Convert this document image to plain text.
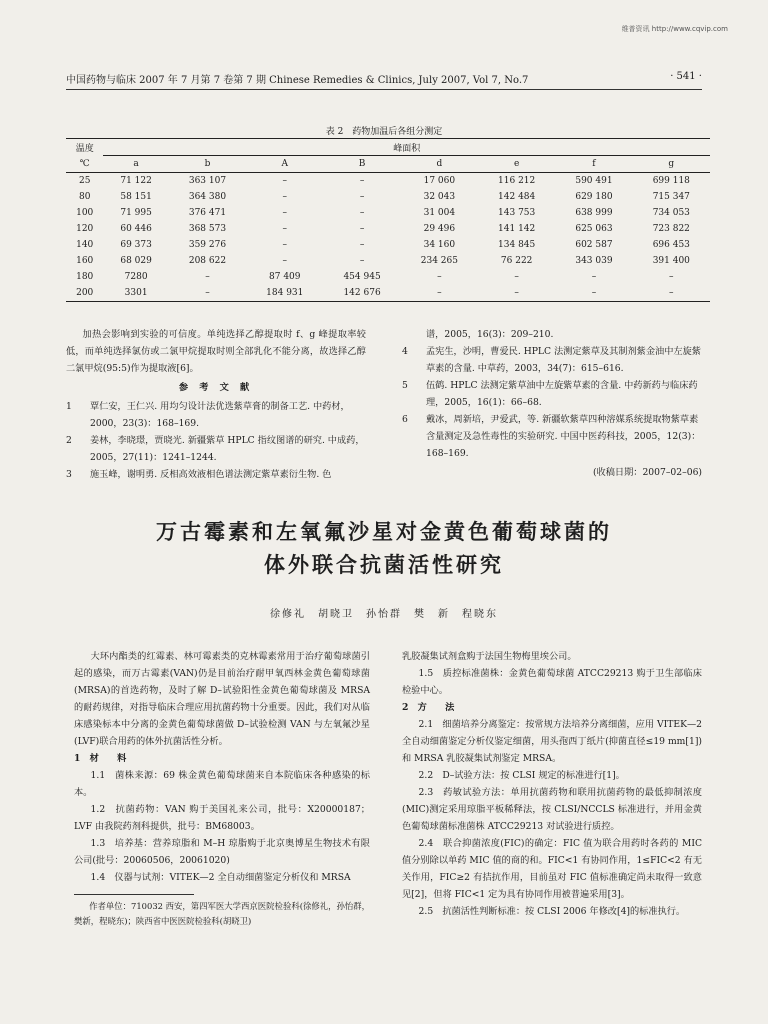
维普资讯 http://www.cqvip.com
中国药物与临床 2007 年 7 月第 7 卷第 7 期 Chinese Remedies & Clinics, July 2007, Vol 7, No.7	· 541 ·
表 2　药物加温后各组分测定
温度	峰面积							
℃	a	b	A	B	d	e	f	g
25	71 122	363 107	–	–	17 060	116 212	590 491	699 118
80	58 151	364 380	–	–	32 043	142 484	629 180	715 347
100	71 995	376 471	–	–	31 004	143 753	638 999	734 053
120	60 446	368 573	–	–	29 496	141 142	625 063	723 822
140	69 373	359 276	–	–	34 160	134 845	602 587	696 453
160	68 029	208 622	–	–	234 265	76 222	343 039	391 400
180	7280	–	87 409	454 945	–	–	–	–
200	3301	–	184 931	142 676	–	–	–	–

加热会影响到实验的可信度。单纯选择乙醇提取时 f、g 峰提取率较低，而单纯选择氯仿或二氯甲烷提取时则全部乳化不能分离，故选择乙醇二氯甲烷(95:5)作为提取液[6]。

参 考 文 献
1	覃仁安，王仁兴. 用均匀设计法优选紫草膏的制备工艺. 中药材，2000，23(3)：168–169.
2	姜林，李晓璟，贾晓光. 新疆紫草 HPLC 指纹图谱的研究. 中成药，2005，27(11)：1241–1244.
3	施玉峰，谢明勇. 反相高效液相色谱法测定紫草素衍生物. 色
谱，2005，16(3)：209–210.
4	孟宪生，沙明，曹爱民. HPLC 法测定紫草及其制剂紫金油中左旋紫草素的含量. 中草药，2003，34(7)：615–616.
5	伍鹤. HPLC 法测定紫草油中左旋紫草素的含量. 中药新药与临床药理，2005，16(1)：66–68.
6	戴冰，周新培，尹爱武，等. 新疆软紫草四种溶媒系统提取物紫草素含量测定及急性毒性的实验研究. 中国中医药科技，2005，12(3)：168–169.
(收稿日期：2007–02–06)
万古霉素和左氧氟沙星对金黄色葡萄球菌的
体外联合抗菌活性研究
徐修礼　胡晓卫　孙怡群　樊　新　程晓东

大环内酯类的红霉素、林可霉素类的克林霉素常用于治疗葡萄球菌引起的感染，而万古霉素(VAN)仍是目前治疗耐甲氧西林金黄色葡萄球菌(MRSA)的首选药物，及时了解 D–试验阳性金黄色葡萄球菌及 MRSA 的耐药规律，对指导临床合理应用抗菌药物十分重要。因此，我们对从临床感染标本中分离的金黄色葡萄球菌做 D–试验检测 VAN 与左氧氟沙星(LVF)联合用药的体外抗菌活性分析。

1　材　　料

1.1　菌株来源：69 株金黄色葡萄球菌来自本院临床各种感染的标本。

1.2　抗菌药物：VAN 购于美国礼来公司，批号：X20000187；LVF 由我院药剂科提供，批号：BM68003。

1.3　培养基：营养琼脂和 M–H 琼脂购于北京奥博星生物技术有限公司(批号：20060506，20061020)

1.4　仪器与试剂：VITEK—2 全自动细菌鉴定分析仪和 MRSA

作者单位：710032 西安，第四军医大学西京医院检验科(徐修礼，孙怡群，樊新，程晓东)；陕西省中医医院检验科(胡晓卫)

乳胶凝集试剂盒购于法国生物梅里埃公司。

1.5　质控标准菌株：金黄色葡萄球菌 ATCC29213 购于卫生部临床检验中心。

2　方　　法

2.1　细菌培养分离鉴定：按常规方法培养分离细菌，应用 VITEK—2 全自动细菌鉴定分析仪鉴定细菌，用头孢西丁纸片(抑菌直径≤19 mm[1])和 MRSA 乳胶凝集试剂鉴定 MRSA。

2.2　D–试验方法：按 CLSI 规定的标准进行[1]。

2.3　药敏试验方法：单用抗菌药物和联用抗菌药物的最低抑制浓度(MIC)测定采用琼脂平板稀释法，按 CLSI/NCCLS 标准进行，并用金黄色葡萄球菌标准菌株 ATCC29213 对试验进行质控。

2.4　联合抑菌浓度(FIC)的确定：FIC 值为联合用药时各药的 MIC 值分别除以单药 MIC 值的商的和。FIC<1 有协同作用，1≤FIC<2 有无关作用，FIC≥2 有拮抗作用，目前虽对 FIC 值标准确定尚未取得一致意见[2]，但将 FIC<1 定为具有协同作用被普遍采用[3]。

2.5　抗菌活性判断标准：按 CLSI 2006 年修改[4]的标准执行。
